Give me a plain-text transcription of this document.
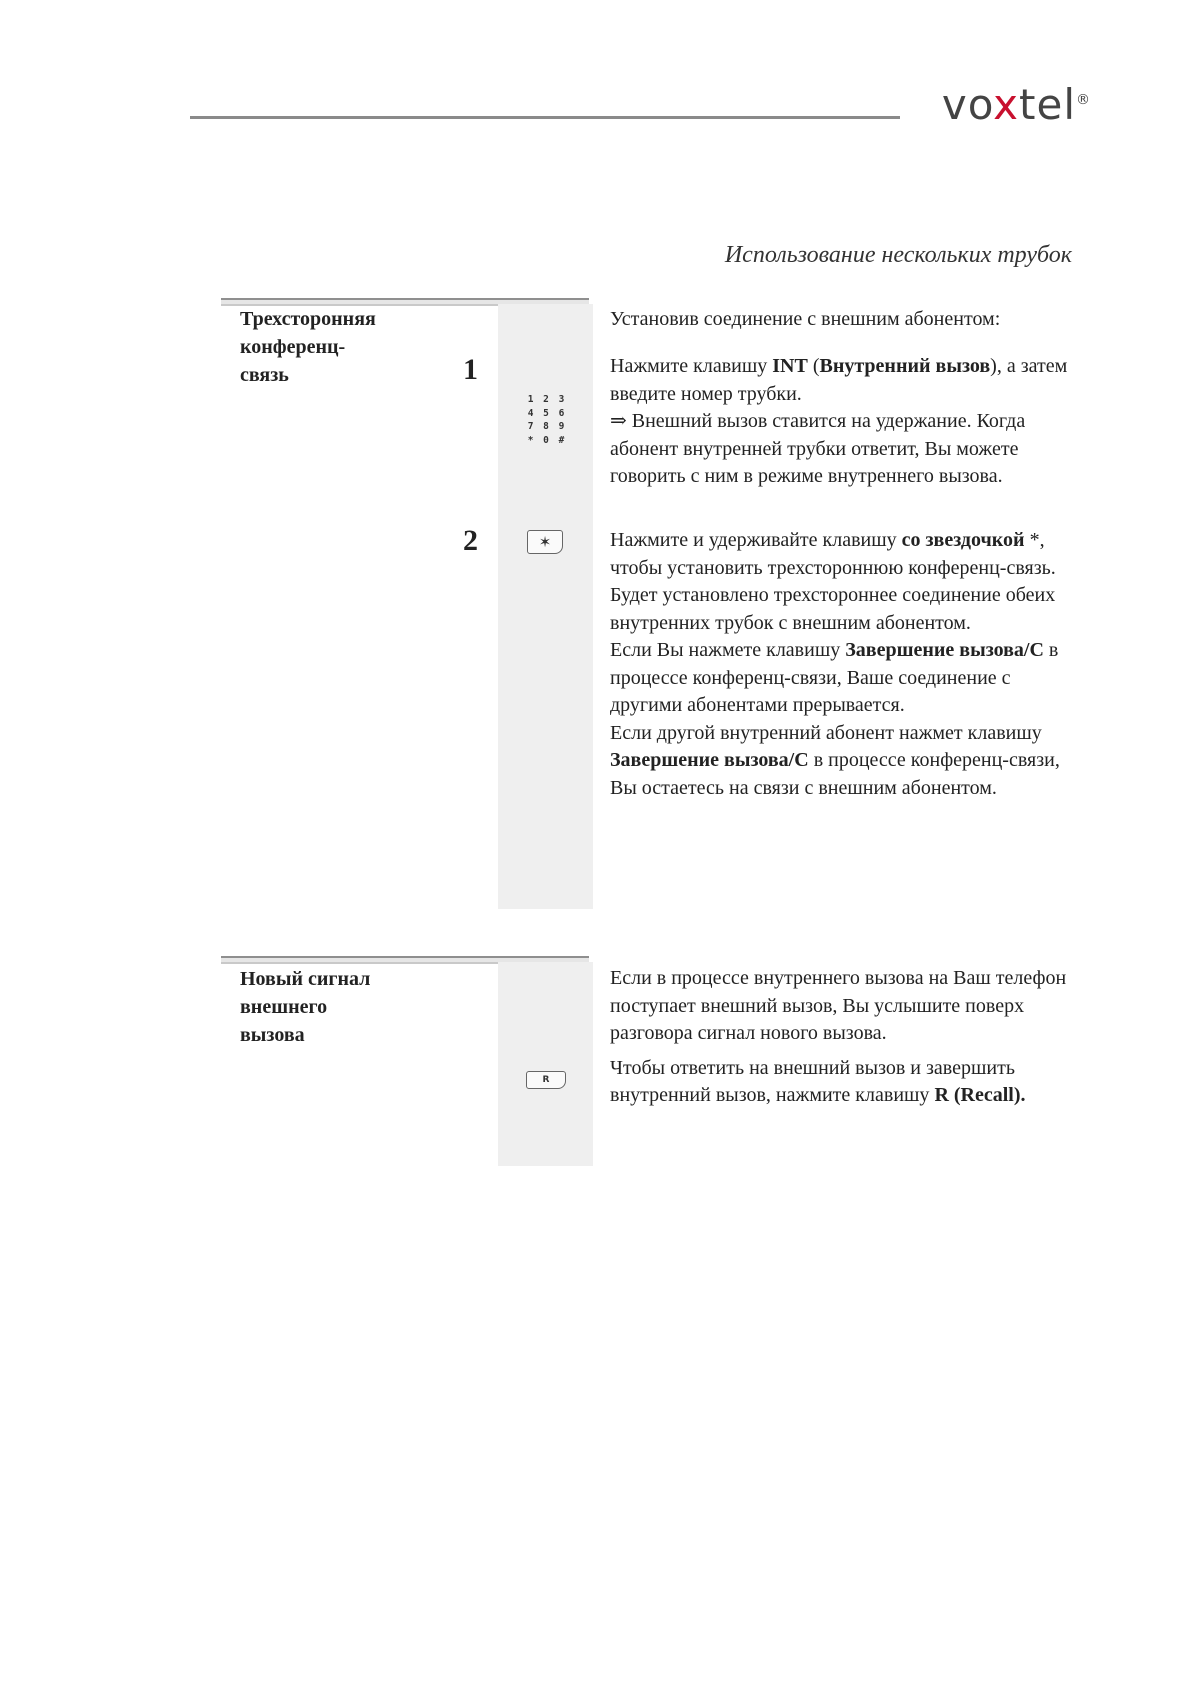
voxtel®
Использование нескольких трубок
Трехсторонняя
конференц-
связь	1
2
1 2 3
4 5 6
7 8 9
* 0 #
✶
Установив соединение с внешним абонентом:

Нажмите клавишу INT (Внутренний вызов), а затем введите номер трубки.

⇒ Внешний вызов ставится на удержание. Когда абонент внутренней трубки ответит, Вы можете говорить с ним в режиме внутреннего вызова.

Нажмите и удерживайте клавишу со звездочкой *, чтобы установить трехстороннюю конференц-связь.

Будет установлено трехстороннее соединение обеих внутренних трубок с внешним абонентом.

Если Вы нажмете клавишу Завершение вызова/C в процессе конференц-связи, Ваше соединение с другими абонентами прерывается.

Если другой внутренний абонент нажмет клавишу Завершение вызова/C в процессе конференц-связи, Вы остаетесь на связи с внешним абонентом.

Новый сигнал
внешнего
вызова
R

Если в процессе внутреннего вызова на Ваш телефон поступает внешний вызов, Вы услышите поверх разговора сигнал нового вызова.

Чтобы ответить на внешний вызов и завершить внутренний вызов, нажмите клавишу R (Recall).
